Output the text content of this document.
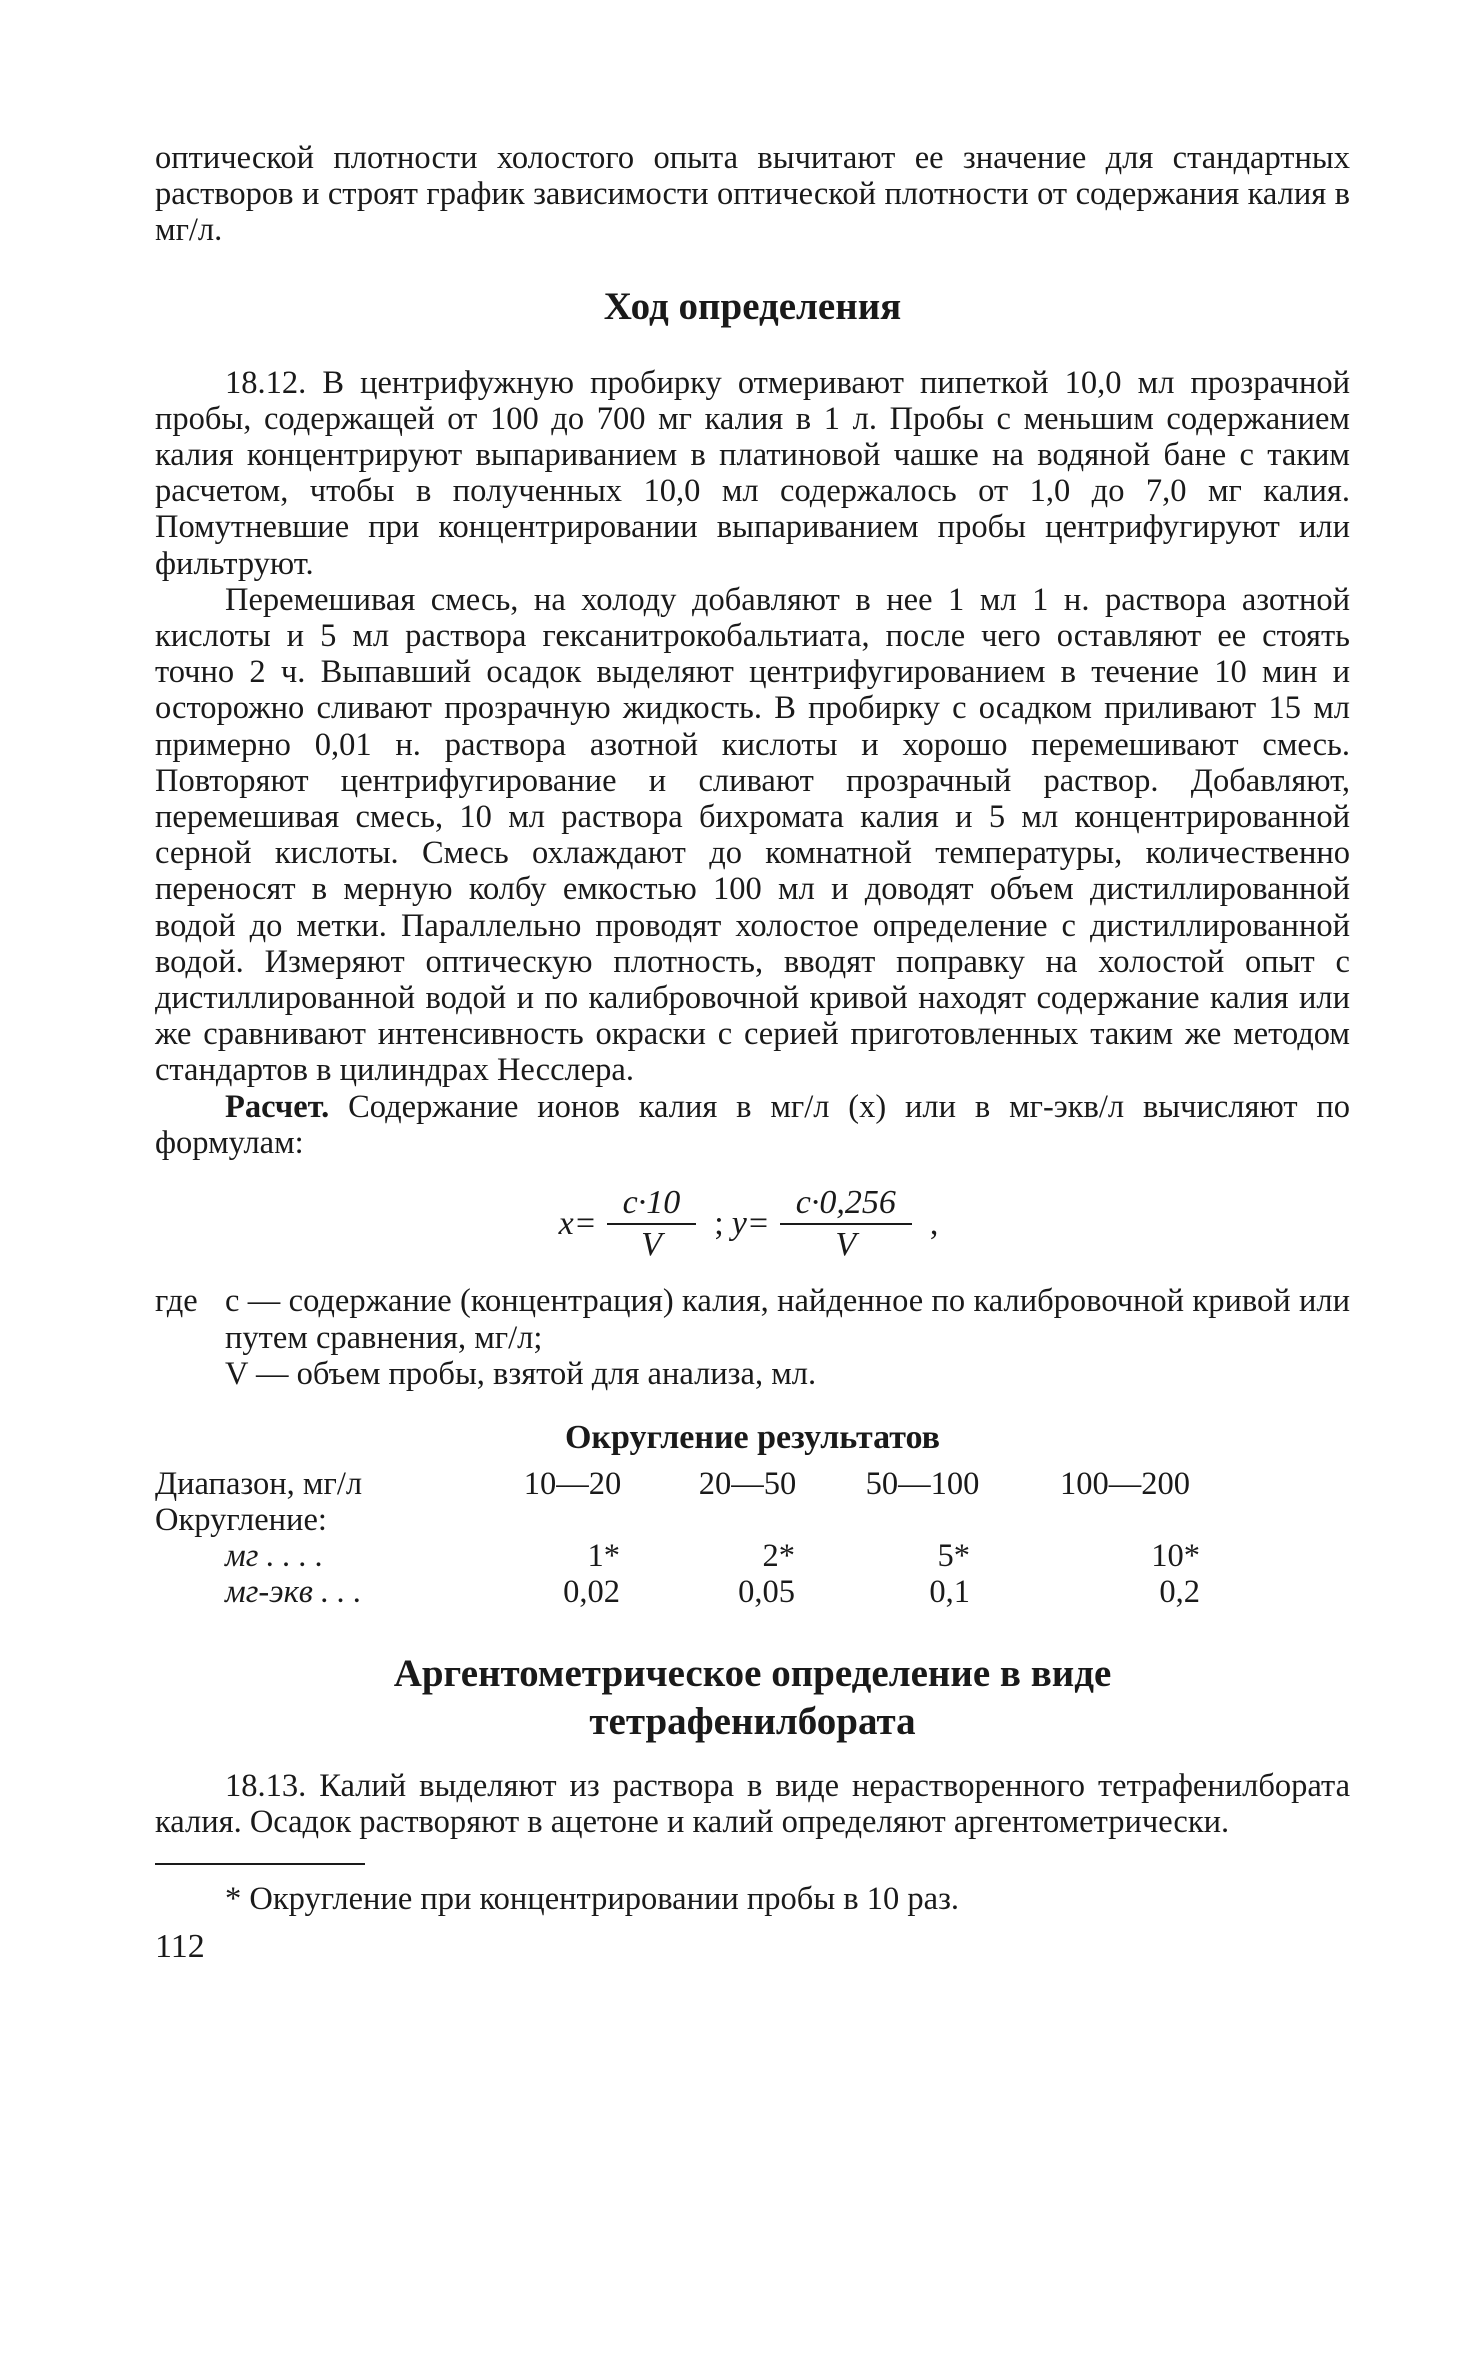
оптической плотности холостого опыта вычитают ее значение для стандартных растворов и строят график зависимости оптической плотности от содержания калия в мг/л.

Ход определения

18.12. В центрифужную пробирку отмеривают пипеткой 10,0 мл прозрачной пробы, содержащей от 100 до 700 мг калия в 1 л. Пробы с меньшим содержанием калия концентрируют выпариванием в платиновой чашке на водяной бане с таким расчетом, чтобы в полученных 10,0 мл содержалось от 1,0 до 7,0 мг калия. Помутневшие при концентрировании выпариванием пробы центрифугируют или фильтруют.

Перемешивая смесь, на холоду добавляют в нее 1 мл 1 н. раствора азотной кислоты и 5 мл раствора гексанитрокобальтиата, после чего оставляют ее стоять точно 2 ч. Выпавший осадок выделяют центрифугированием в течение 10 мин и осторожно сливают прозрачную жидкость. В пробирку с осадком приливают 15 мл примерно 0,01 н. раствора азотной кислоты и хорошо перемешивают смесь. Повторяют центрифугирование и сливают прозрачный раствор. Добавляют, перемешивая смесь, 10 мл раствора бихромата калия и 5 мл концентрированной серной кислоты. Смесь охлаждают до комнатной температуры, количественно переносят в мерную колбу емкостью 100 мл и доводят объем дистиллированной водой до метки. Параллельно проводят холостое определение с дистиллированной водой. Измеряют оптическую плотность, вводят поправку на холостой опыт с дистиллированной водой и по калибровочной кривой находят содержание калия или же сравнивают интенсивность окраски с серией приготовленных таким же методом стандартов в цилиндрах Несслера.

Расчет. Содержание ионов калия в мг/л (x) или в мг-экв/л вычисляют по формулам:

$x= \frac{c\cdot 10}{V}$ ; $y= \frac{c\cdot 0,256}{V}$ ,
где c — содержание (концентрация) калия, найденное по калибровочной кривой или путем сравнения, мг/л;
V — объем пробы, взятой для анализа, мл.
Округление результатов
Диапазон, мг/л	10—20	20—50	50—100	100—200
Округление:
мг . . . .	1*	2*	5*	10*
мг-экв . . .	0,02	0,05	0,1	0,2
Аргентометрическое определение в виде
тетрафенилбората

18.13. Калий выделяют из раствора в виде нерастворенного тетрафенилбората калия. Осадок растворяют в ацетоне и калий определяют аргентометрически.

* Округление при концентрировании пробы в 10 раз.

112
